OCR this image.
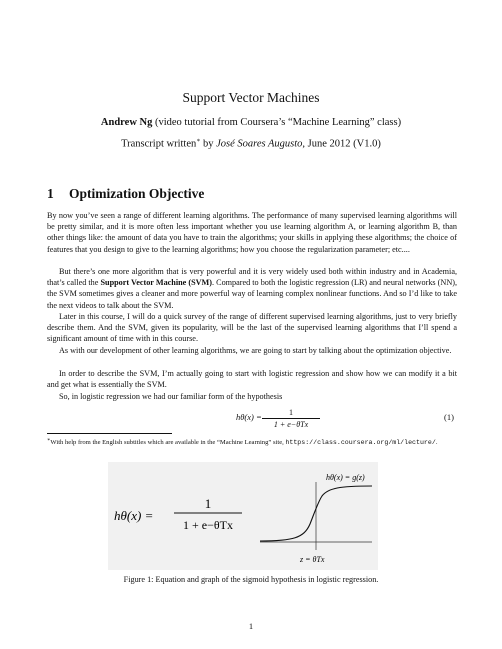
Support Vector Machines
Andrew Ng (video tutorial from Coursera’s “Machine Learning” class)
Transcript written∗ by José Soares Augusto, June 2012 (V1.0)
1 Optimization Objective
By now you’ve seen a range of different learning algorithms. The performance of many supervised learning algorithms will be pretty similar, and it is more often less important whether you use learning algorithm A, or learning algorithm B, than other things like: the amount of data you have to train the algorithms; your skills in applying these algorithms; the choice of features that you design to give to the learning algorithms; how you choose the regularization parameter; etc....
But there’s one more algorithm that is very powerful and it is very widely used both within industry and in Academia, that’s called the Support Vector Machine (SVM). Compared to both the logistic regression (LR) and neural networks (NN), the SVM sometimes gives a cleaner and more powerful way of learning complex nonlinear functions. And so I’d like to take the next videos to talk about the SVM.
Later in this course, I will do a quick survey of the range of different supervised learning algorithms, just to very briefly describe them. And the SVM, given its popularity, will be the last of the supervised learning algorithms that I’ll spend a significant amount of time with in this course.
As with our development of other learning algorithms, we are going to start by talking about the optimization objective.
In order to describe the SVM, I’m actually going to start with logistic regression and show how we can modify it a bit and get what is essentially the SVM.
So, in logistic regression we had our familiar form of the hypothesis
hθ(x) =	1
1 + e−θTx
(1)
∗With help from the English subtitles which are available in the “Machine Learning” site, https://class.coursera.org/ml/lecture/.
hθ(x) =
1
1 + e−θTx
hθ(x) = g(z)
z = θTx
Figure 1: Equation and graph of the sigmoid hypothesis in logistic regression.
1
